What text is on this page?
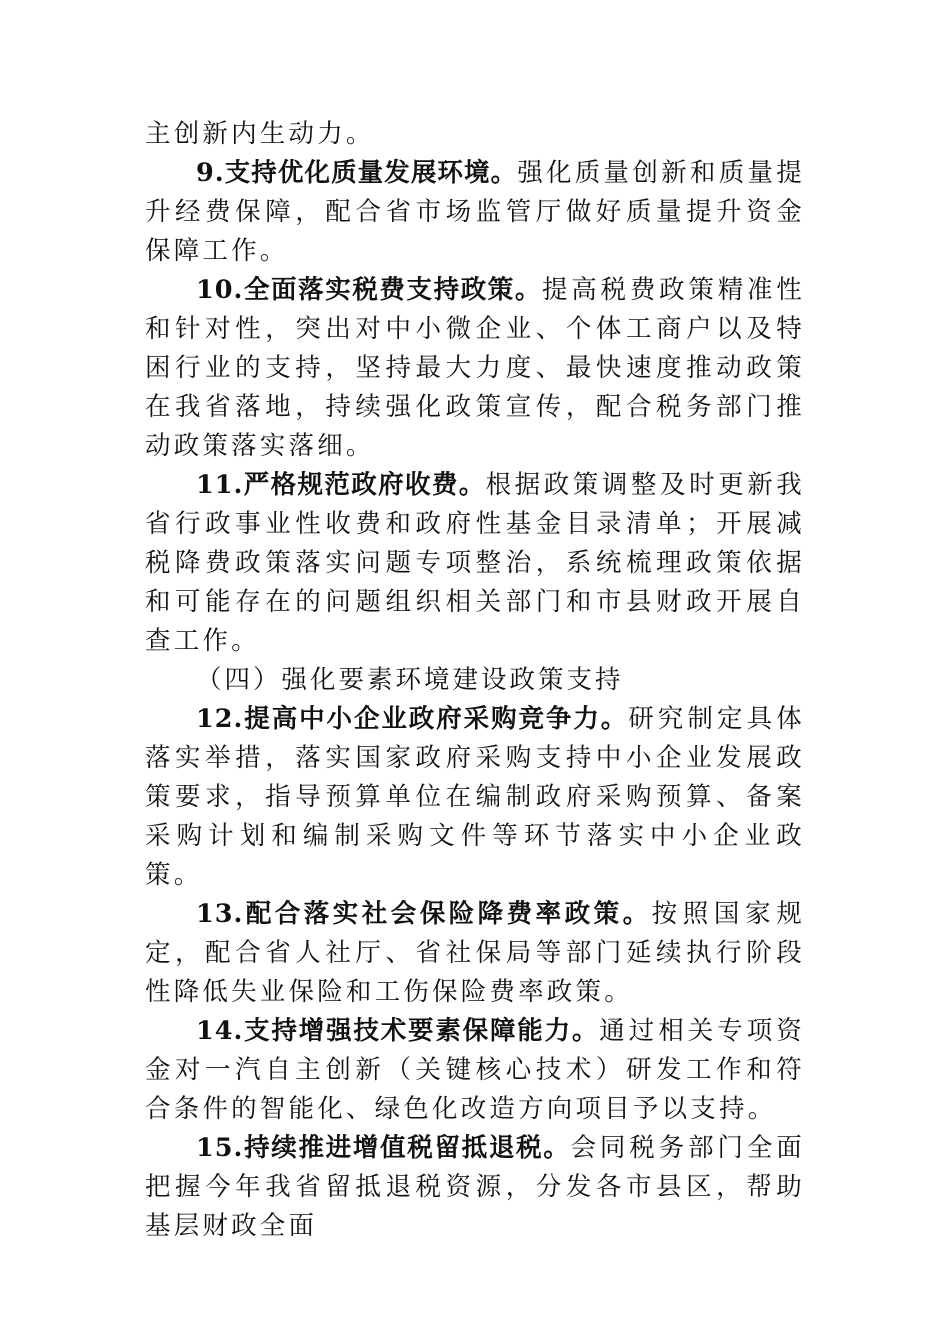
主创新内生动力。

9.支持优化质量发展环境。强化质量创新和质量提升经费保障，配合省市场监管厅做好质量提升资金保障工作。

10.全面落实税费支持政策。提高税费政策精准性和针对性，突出对中小微企业、个体工商户以及特困行业的支持，坚持最大力度、最快速度推动政策在我省落地，持续强化政策宣传，配合税务部门推动政策落实落细。

11.严格规范政府收费。根据政策调整及时更新我省行政事业性收费和政府性基金目录清单；开展减税降费政策落实问题专项整治，系统梳理政策依据和可能存在的问题组织相关部门和市县财政开展自查工作。

（四）强化要素环境建设政策支持

12.提高中小企业政府采购竞争力。研究制定具体落实举措，落实国家政府采购支持中小企业发展政策要求，指导预算单位在编制政府采购预算、备案采购计划和编制采购文件等环节落实中小企业政策。

13.配合落实社会保险降费率政策。按照国家规定，配合省人社厅、省社保局等部门延续执行阶段性降低失业保险和工伤保险费率政策。

14.支持增强技术要素保障能力。通过相关专项资金对一汽自主创新（关键核心技术）研发工作和符合条件的智能化、绿色化改造方向项目予以支持。

15.持续推进增值税留抵退税。会同税务部门全面把握今年我省留抵退税资源，分发各市县区，帮助基层财政全面
